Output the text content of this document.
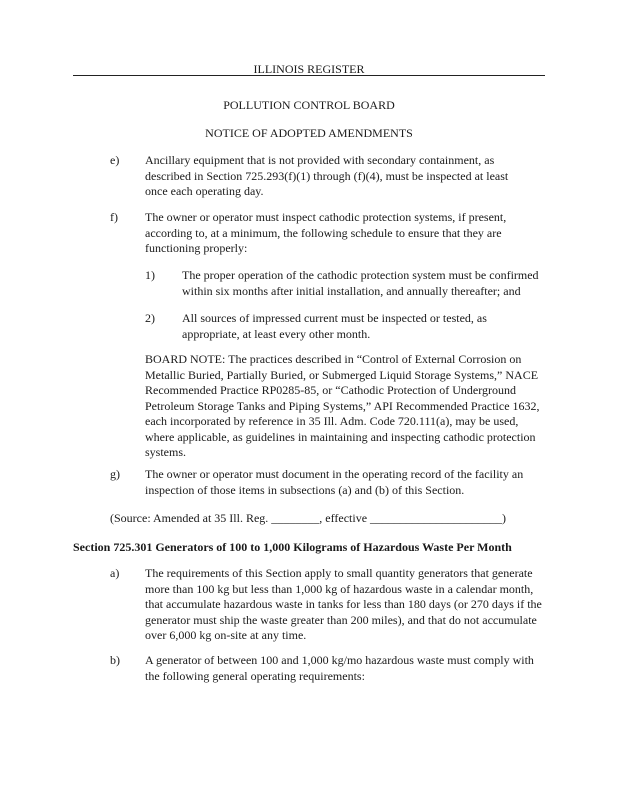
ILLINOIS REGISTER
POLLUTION CONTROL BOARD
NOTICE OF ADOPTED AMENDMENTS
e) Ancillary equipment that is not provided with secondary containment, as described in Section 725.293(f)(1) through (f)(4), must be inspected at least once each operating day.
f) The owner or operator must inspect cathodic protection systems, if present, according to, at a minimum, the following schedule to ensure that they are functioning properly:
1) The proper operation of the cathodic protection system must be confirmed within six months after initial installation, and annually thereafter; and
2) All sources of impressed current must be inspected or tested, as appropriate, at least every other month.
BOARD NOTE: The practices described in “Control of External Corrosion on Metallic Buried, Partially Buried, or Submerged Liquid Storage Systems,” NACE Recommended Practice RP0285-85, or “Cathodic Protection of Underground Petroleum Storage Tanks and Piping Systems,” API Recommended Practice 1632, each incorporated by reference in 35 Ill. Adm. Code 720.111(a), may be used, where applicable, as guidelines in maintaining and inspecting cathodic protection systems.
g) The owner or operator must document in the operating record of the facility an inspection of those items in subsections (a) and (b) of this Section.
(Source: Amended at 35 Ill. Reg. ________, effective ______________________)
Section 725.301 Generators of 100 to 1,000 Kilograms of Hazardous Waste Per Month
a) The requirements of this Section apply to small quantity generators that generate more than 100 kg but less than 1,000 kg of hazardous waste in a calendar month, that accumulate hazardous waste in tanks for less than 180 days (or 270 days if the generator must ship the waste greater than 200 miles), and that do not accumulate over 6,000 kg on-site at any time.
b) A generator of between 100 and 1,000 kg/mo hazardous waste must comply with the following general operating requirements:
